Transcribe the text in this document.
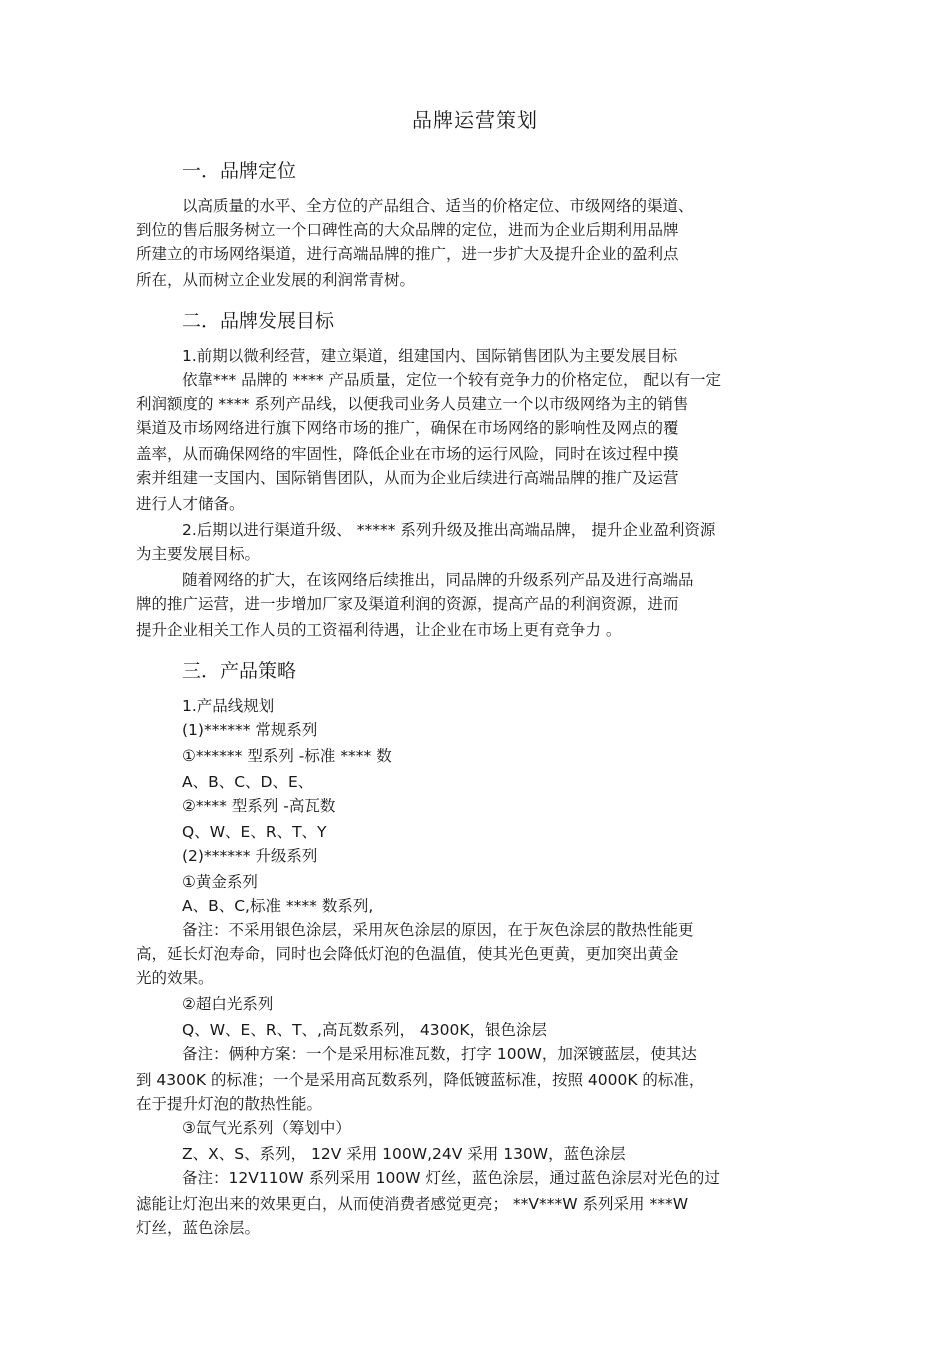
品牌运营策划
一．品牌定位
以高质量的水平、全方位的产品组合、适当的价格定位、市级网络的渠道、
到位的售后服务树立一个口碑性高的大众品牌的定位，进而为企业后期利用品牌
所建立的市场网络渠道，进行高端品牌的推广，进一步扩大及提升企业的盈利点
所在，从而树立企业发展的利润常青树。
二．品牌发展目标
1.前期以微利经营，建立渠道，组建国内、国际销售团队为主要发展目标
依靠*** 品牌的 **** 产品质量，定位一个较有竞争力的价格定位， 配以有一定
利润额度的 **** 系列产品线，以便我司业务人员建立一个以市级网络为主的销售
渠道及市场网络进行旗下网络市场的推广，确保在市场网络的影响性及网点的覆
盖率，从而确保网络的牢固性，降低企业在市场的运行风险，同时在该过程中摸
索并组建一支国内、国际销售团队，从而为企业后续进行高端品牌的推广及运营
进行人才储备。
2.后期以进行渠道升级、 ***** 系列升级及推出高端品牌， 提升企业盈利资源
为主要发展目标。
随着网络的扩大，在该网络后续推出，同品牌的升级系列产品及进行高端品
牌的推广运营，进一步增加厂家及渠道利润的资源，提高产品的利润资源，进而
提升企业相关工作人员的工资福利待遇，让企业在市场上更有竞争力 。
三．产品策略
1.产品线规划
(1)****** 常规系列
①****** 型系列 -标准 **** 数
A、B、C、D、E、
②**** 型系列 -高瓦数
Q、W、E、R、T、Y
(2)****** 升级系列
①黄金系列
A、B、C,标准 **** 数系列,
备注：不采用银色涂层，采用灰色涂层的原因，在于灰色涂层的散热性能更
高，延长灯泡寿命，同时也会降低灯泡的色温值，使其光色更黄，更加突出黄金
光的效果。
②超白光系列
Q、W、E、R、T、,高瓦数系列， 4300K，银色涂层
备注：俩种方案：一个是采用标准瓦数，打字 100W，加深镀蓝层，使其达
到 4300K 的标准；一个是采用高瓦数系列，降低镀蓝标准，按照 4000K 的标准，
在于提升灯泡的散热性能。
③氙气光系列（筹划中）
Z、X、S、系列， 12V 采用 100W,24V 采用 130W，蓝色涂层
备注：12V110W 系列采用 100W 灯丝，蓝色涂层，通过蓝色涂层对光色的过
滤能让灯泡出来的效果更白，从而使消费者感觉更亮； **V***W 系列采用 ***W
灯丝，蓝色涂层。
